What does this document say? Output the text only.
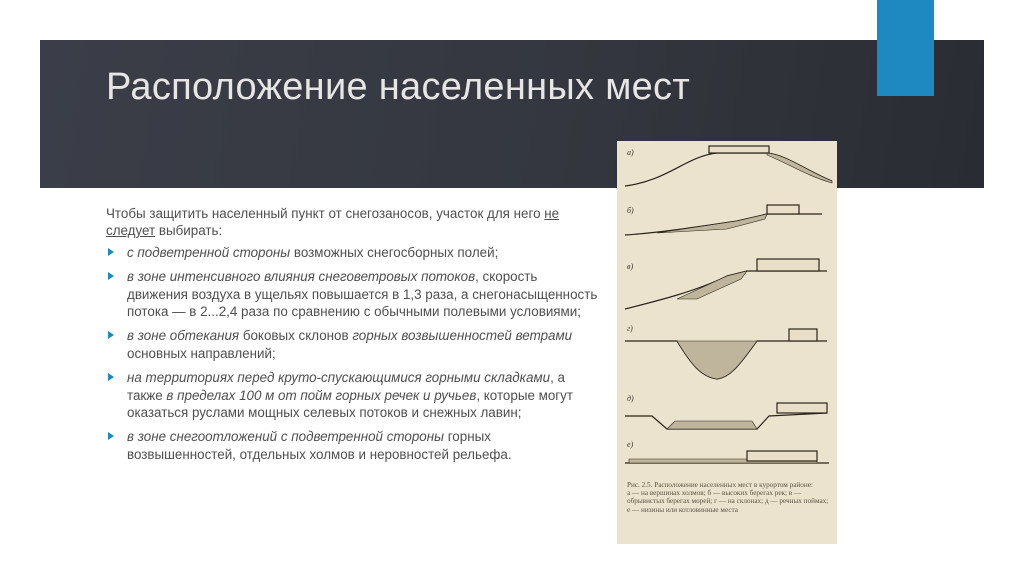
Расположение населенных мест

Чтобы защитить населенный пункт от снегозаносов, участок для него не следует выбирать:

с подветренной стороны возможных снегосборных полей;
в зоне интенсивного влияния снеговетровых потоков, скорость движения воздуха в ущельях повышается в 1,3 раза, а снегонасыщенность потока — в 2...2,4 раза по сравнению с обычными полевыми условиями;
в зоне обтекания боковых склонов горных возвышенностей ветрами основных направлений;
на территориях перед круто-спускающимися горными складками, а также в пределах 100 м от пойм горных речек и ручьев, которые могут оказаться руслами мощных селевых потоков и снежных лавин;
в зоне снегоотложений с подветренной стороны горных возвышенностей, отдельных холмов и неровностей рельефа.
а)
б)
в)
г)
д)
е)
Рис. 2.5. Расположение населенных мест в курортом районе:
а — на вершинах холмов; б — высоких берегах рек; в — обрывистых берегах морей; г — на склонах; д — речных поймах; е — низины или котловинные места
